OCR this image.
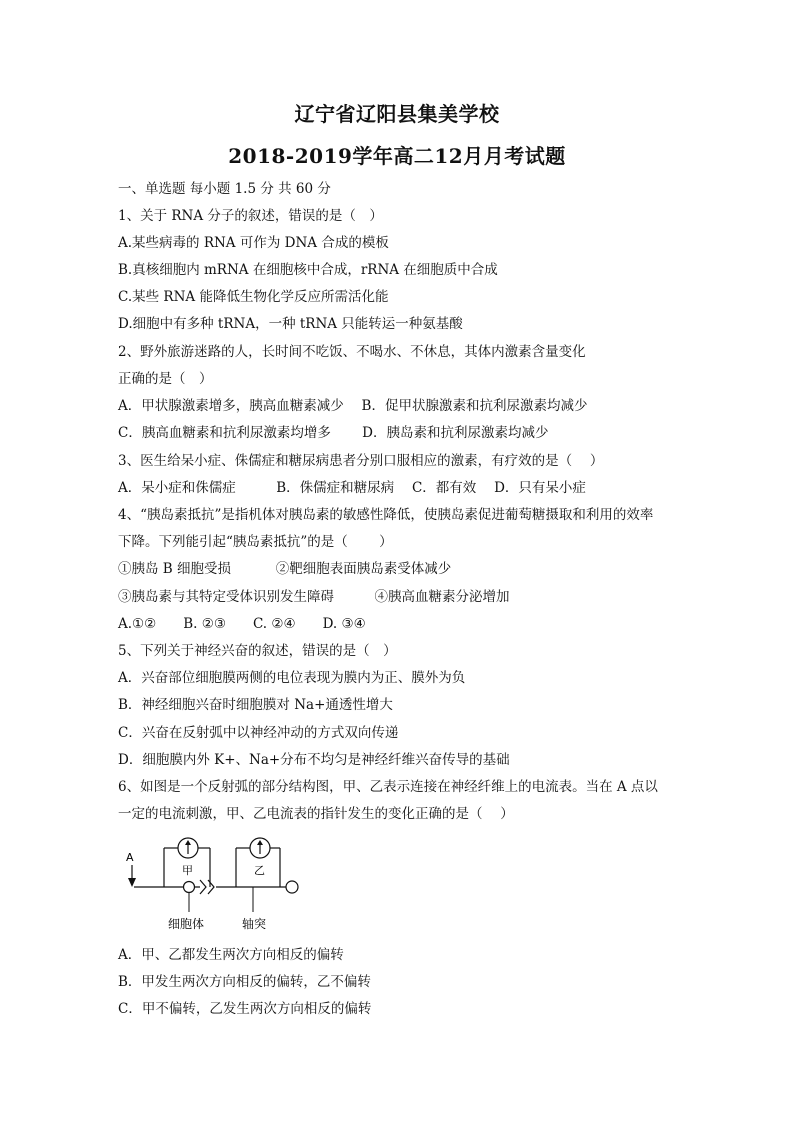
辽宁省辽阳县集美学校
2018-2019学年高二12月月考试题
一、单选题 每小题 1.5 分 共 60 分
1、关于 RNA 分子的叙述，错误的是（　）
A.某些病毒的 RNA 可作为 DNA 合成的模板
B.真核细胞内 mRNA 在细胞核中合成，rRNA 在细胞质中合成
C.某些 RNA 能降低生物化学反应所需活化能
D.细胞中有多种 tRNA，一种 tRNA 只能转运一种氨基酸
2、野外旅游迷路的人，长时间不吃饭、不喝水、不休息，其体内激素含量变化
正确的是（　）
A．甲状腺激素增多，胰高血糖素减少　 B．促甲状腺激素和抗利尿激素均减少
C．胰高血糖素和抗利尿激素均增多　　 D．胰岛素和抗利尿激素均减少
3、医生给呆小症、侏儒症和糖尿病患者分别口服相应的激素，有疗效的是（　 ）
A．呆小症和侏儒症　　　B．侏儒症和糖尿病　 C．都有效　 D．只有呆小症
4、“胰岛素抵抗”是指机体对胰岛素的敏感性降低，使胰岛素促进葡萄糖摄取和利用的效率
下降。下列能引起“胰岛素抵抗”的是（　　 ）
①胰岛 B 细胞受损　　　 ②靶细胞表面胰岛素受体减少
③胰岛素与其特定受体识别发生障碍　　　④胰高血糖素分泌增加
A.①②　　B. ②③　　C. ②④　　D. ③④
5、下列关于神经兴奋的叙述，错误的是（　）
A．兴奋部位细胞膜两侧的电位表现为膜内为正、膜外为负
B．神经细胞兴奋时细胞膜对 Na+通透性增大
C．兴奋在反射弧中以神经冲动的方式双向传递
D．细胞膜内外 K+、Na+分布不均匀是神经纤维兴奋传导的基础
6、如图是一个反射弧的部分结构图，甲、乙表示连接在神经纤维上的电流表。当在 A 点以
一定的电流刺激，甲、乙电流表的指针发生的变化正确的是（　 ）
A
甲	乙
细胞体	轴突
A．甲、乙都发生两次方向相反的偏转
B．甲发生两次方向相反的偏转，乙不偏转
C．甲不偏转，乙发生两次方向相反的偏转
